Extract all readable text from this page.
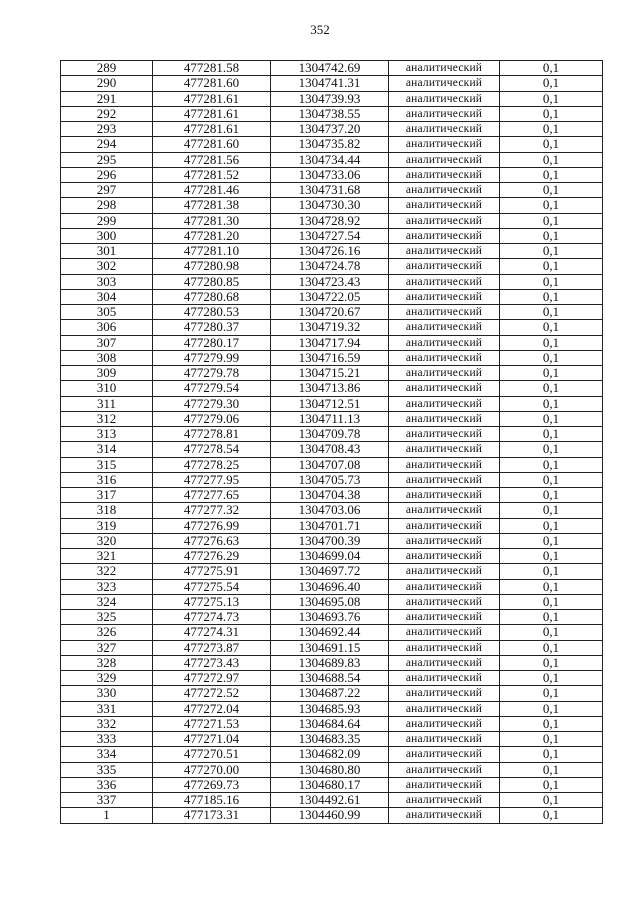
352
289	477281.58	1304742.69	аналитический	0,1
290	477281.60	1304741.31	аналитический	0,1
291	477281.61	1304739.93	аналитический	0,1
292	477281.61	1304738.55	аналитический	0,1
293	477281.61	1304737.20	аналитический	0,1
294	477281.60	1304735.82	аналитический	0,1
295	477281.56	1304734.44	аналитический	0,1
296	477281.52	1304733.06	аналитический	0,1
297	477281.46	1304731.68	аналитический	0,1
298	477281.38	1304730.30	аналитический	0,1
299	477281.30	1304728.92	аналитический	0,1
300	477281.20	1304727.54	аналитический	0,1
301	477281.10	1304726.16	аналитический	0,1
302	477280.98	1304724.78	аналитический	0,1
303	477280.85	1304723.43	аналитический	0,1
304	477280.68	1304722.05	аналитический	0,1
305	477280.53	1304720.67	аналитический	0,1
306	477280.37	1304719.32	аналитический	0,1
307	477280.17	1304717.94	аналитический	0,1
308	477279.99	1304716.59	аналитический	0,1
309	477279.78	1304715.21	аналитический	0,1
310	477279.54	1304713.86	аналитический	0,1
311	477279.30	1304712.51	аналитический	0,1
312	477279.06	1304711.13	аналитический	0,1
313	477278.81	1304709.78	аналитический	0,1
314	477278.54	1304708.43	аналитический	0,1
315	477278.25	1304707.08	аналитический	0,1
316	477277.95	1304705.73	аналитический	0,1
317	477277.65	1304704.38	аналитический	0,1
318	477277.32	1304703.06	аналитический	0,1
319	477276.99	1304701.71	аналитический	0,1
320	477276.63	1304700.39	аналитический	0,1
321	477276.29	1304699.04	аналитический	0,1
322	477275.91	1304697.72	аналитический	0,1
323	477275.54	1304696.40	аналитический	0,1
324	477275.13	1304695.08	аналитический	0,1
325	477274.73	1304693.76	аналитический	0,1
326	477274.31	1304692.44	аналитический	0,1
327	477273.87	1304691.15	аналитический	0,1
328	477273.43	1304689.83	аналитический	0,1
329	477272.97	1304688.54	аналитический	0,1
330	477272.52	1304687.22	аналитический	0,1
331	477272.04	1304685.93	аналитический	0,1
332	477271.53	1304684.64	аналитический	0,1
333	477271.04	1304683.35	аналитический	0,1
334	477270.51	1304682.09	аналитический	0,1
335	477270.00	1304680.80	аналитический	0,1
336	477269.73	1304680.17	аналитический	0,1
337	477185.16	1304492.61	аналитический	0,1
1	477173.31	1304460.99	аналитический	0,1
